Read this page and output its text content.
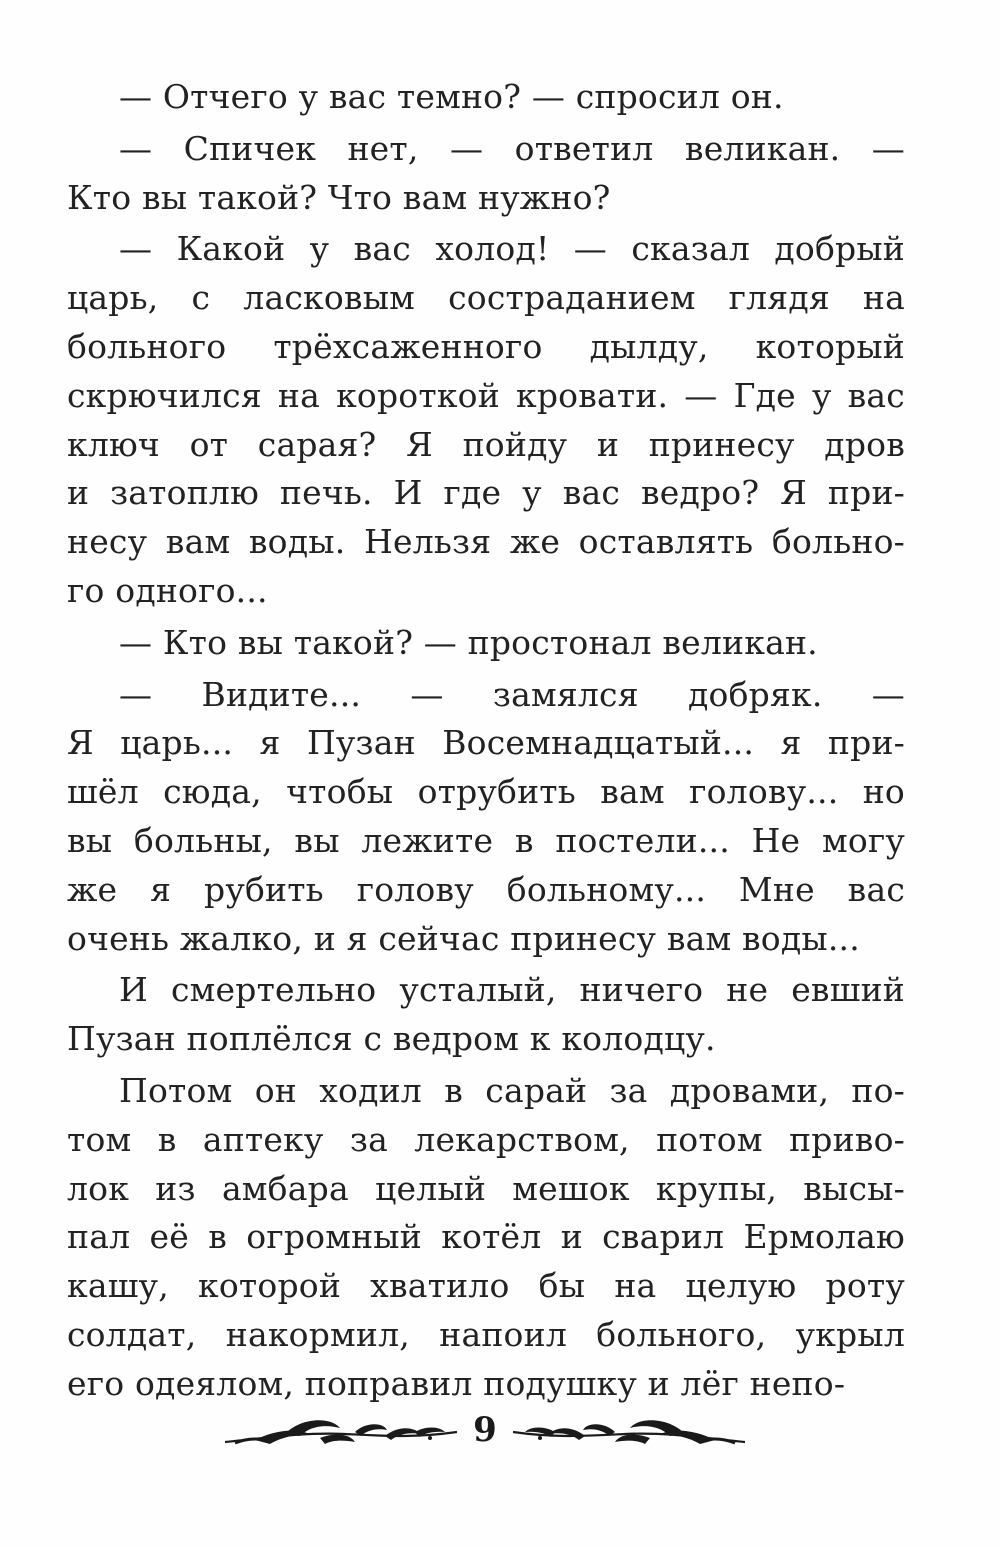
— Отчего у вас темно? — спросил он.
— Спичек нет, — ответил великан. —
Кто вы такой? Что вам нужно?
— Какой у вас холод! — сказал добрый
царь, с ласковым состраданием глядя на
больного трёхсаженного дылду, который
скрючился на короткой кровати. — Где у вас
ключ от сарая? Я пойду и принесу дров
и затоплю печь. И где у вас ведро? Я при-
несу вам воды. Нельзя же оставлять больно-
го одного...
— Кто вы такой? — простонал великан.
— Видите... — замялся добряк. —
Я царь... я Пузан Восемнадцатый... я при-
шёл сюда, чтобы отрубить вам голову... но
вы больны, вы лежите в постели... Не могу
же я рубить голову больному... Мне вас
очень жалко, и я сейчас принесу вам воды...
И смертельно усталый, ничего не евший
Пузан поплёлся с ведром к колодцу.
Потом он ходил в сарай за дровами, по-
том в аптеку за лекарством, потом приво-
лок из амбара целый мешок крупы, высы-
пал её в огромный котёл и сварил Ермолаю
кашу, которой хватило бы на целую роту
солдат, накормил, напоил больного, укрыл
его одеялом, поправил подушку и лёг непо-
9
